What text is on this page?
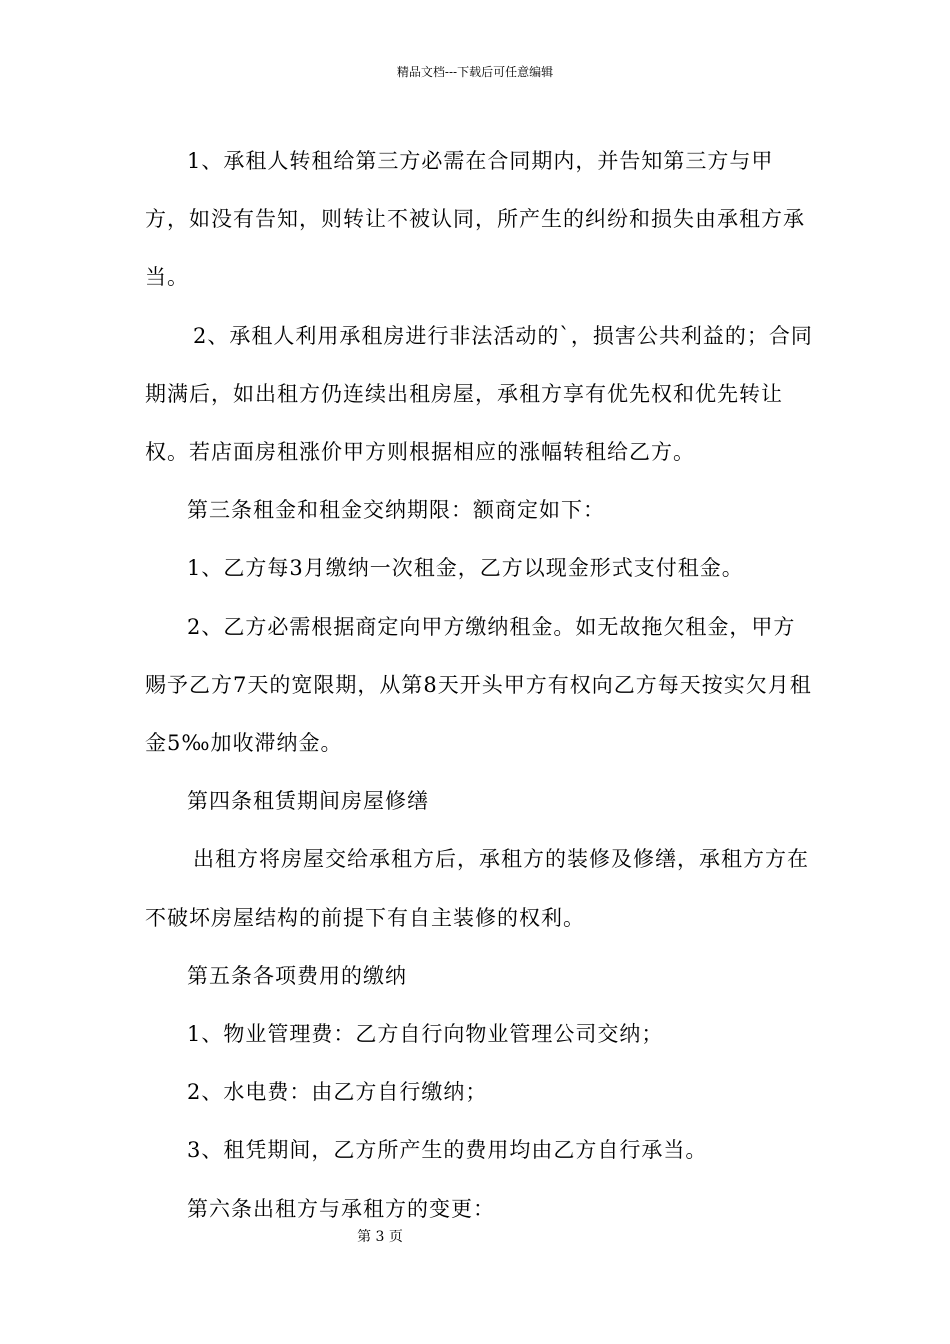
精品文档---下载后可任意编辑

1、承租人转租给第三方必需在合同期内，并告知第三方与甲方，如没有告知，则转让不被认同，所产生的纠纷和损失由承租方承当。

2、承租人利用承租房进行非法活动的`，损害公共利益的；合同期满后，如出租方仍连续出租房屋，承租方享有优先权和优先转让权。若店面房租涨价甲方则根据相应的涨幅转租给乙方。

第三条租金和租金交纳期限：额商定如下：

1、乙方每3月缴纳一次租金，乙方以现金形式支付租金。

2、乙方必需根据商定向甲方缴纳租金。如无故拖欠租金，甲方赐予乙方7天的宽限期，从第8天开头甲方有权向乙方每天按实欠月租金5‰加收滞纳金。

第四条租赁期间房屋修缮

出租方将房屋交给承租方后，承租方的装修及修缮，承租方方在不破坏房屋结构的前提下有自主装修的权利。

第五条各项费用的缴纳

1、物业管理费：乙方自行向物业管理公司交纳；

2、水电费：由乙方自行缴纳；

3、租凭期间，乙方所产生的费用均由乙方自行承当。

第六条出租方与承租方的变更：

第 3 页
